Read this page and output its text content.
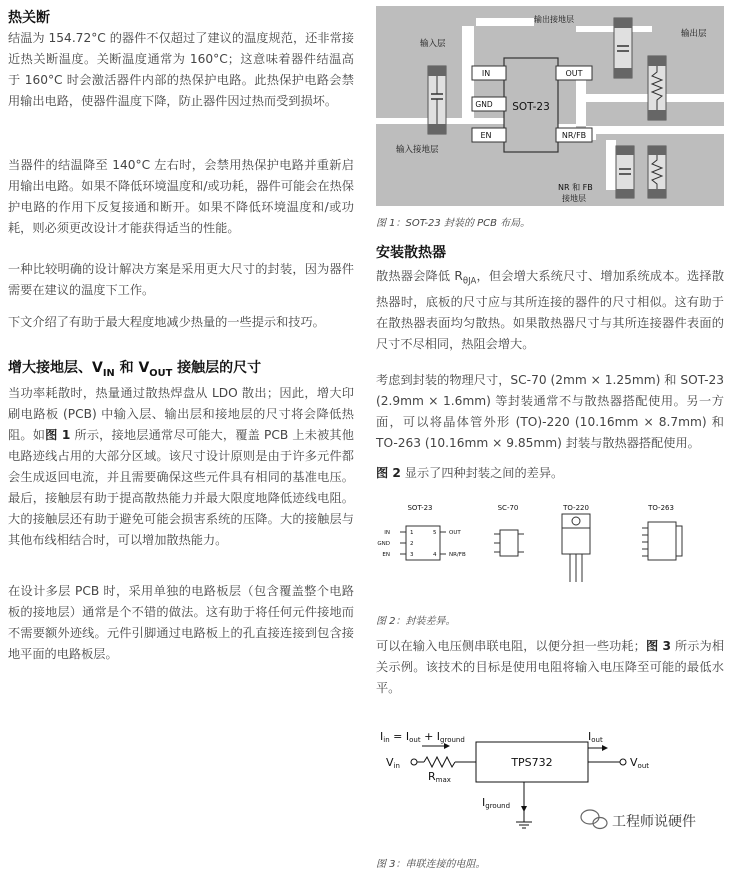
热关断

结温为 154.72°C 的器件不仅超过了建议的温度规范，还非常接近热关断温度。关断温度通常为 160°C；这意味着器件结温高于 160°C 时会激活器件内部的热保护电路。此热保护电路会禁用输出电路，使器件温度下降，防止器件因过热而受到损坏。

当器件的结温降至 140°C 左右时，会禁用热保护电路并重新启用输出电路。如果不降低环境温度和/或功耗，器件可能会在热保护电路的作用下反复接通和断开。如果不降低环境温度和/或功耗，则必须更改设计才能获得适当的性能。

一种比较明确的设计解决方案是采用更大尺寸的封装，因为器件需要在建议的温度下工作。

下文介绍了有助于最大程度地减少热量的一些提示和技巧。

增大接地层、$V_{IN}$ 和 $V_{OUT}$ 接触层的尺寸

当功率耗散时，热量通过散热焊盘从 LDO 散出；因此，增大印刷电路板 (PCB) 中输入层、输出层和接地层的尺寸将会降低热阻。如图 1 所示，接地层通常尽可能大，覆盖 PCB 上未被其他电路迹线占用的大部分区域。该尺寸设计原则是由于许多元件都会生成返回电流，并且需要确保这些元件具有相同的基准电压。最后，接触层有助于提高散热能力并最大限度地降低迹线电阻。大的接触层还有助于避免可能会损害系统的压降。大的接触层与其他布线相结合时，可以增加散热能力。

在设计多层 PCB 时，采用单独的电路板层（包含覆盖整个电路板的接地层）通常是个不错的做法。这有助于将任何元件接地而不需要额外迹线。元件引脚通过电路板上的孔直接连接到包含接地平面的电路板层。

SOT-23
IN
GND
EN
OUT
NR/FB
输出接地层
输入层
输出层
输入接地层
NR 和 FB
接地层
图 1：SOT-23 封装的 PCB 布局。
安装散热器

散热器会降低 $R_{\theta JA}$，但会增大系统尺寸、增加系统成本。选择散热器时，底板的尺寸应与其所连接的器件的尺寸相似。这有助于在散热器表面均匀散热。如果散热器尺寸与其所连接器件表面的尺寸不尽相同，热阻会增大。

考虑到封装的物理尺寸，SC-70 (2mm × 1.25mm) 和 SOT-23 (2.9mm × 1.6mm) 等封装通常不与散热器搭配使用。另一方面，可以将晶体管外形 (TO)-220 (10.16mm × 8.7mm) 和 TO-263 (10.16mm × 9.85mm) 封装与散热器搭配使用。

图 2 显示了四种封装之间的差异。

SOT-23	SC-70	TO-220	TO-263
IN
GND
EN
1
2
3
5
4
OUT
NR/FB
图 2：封装差异。

可以在输入电压侧串联电阻，以便分担一些功耗；图 3 所示为相关示例。该技术的目标是使用电阻将输入电压降至可能的最低水平。

Iin = Iout + Iground
Vin
Rmax
TPS732
Iout
Vout
Iground
工程师说硬件
图 3：串联连接的电阻。
